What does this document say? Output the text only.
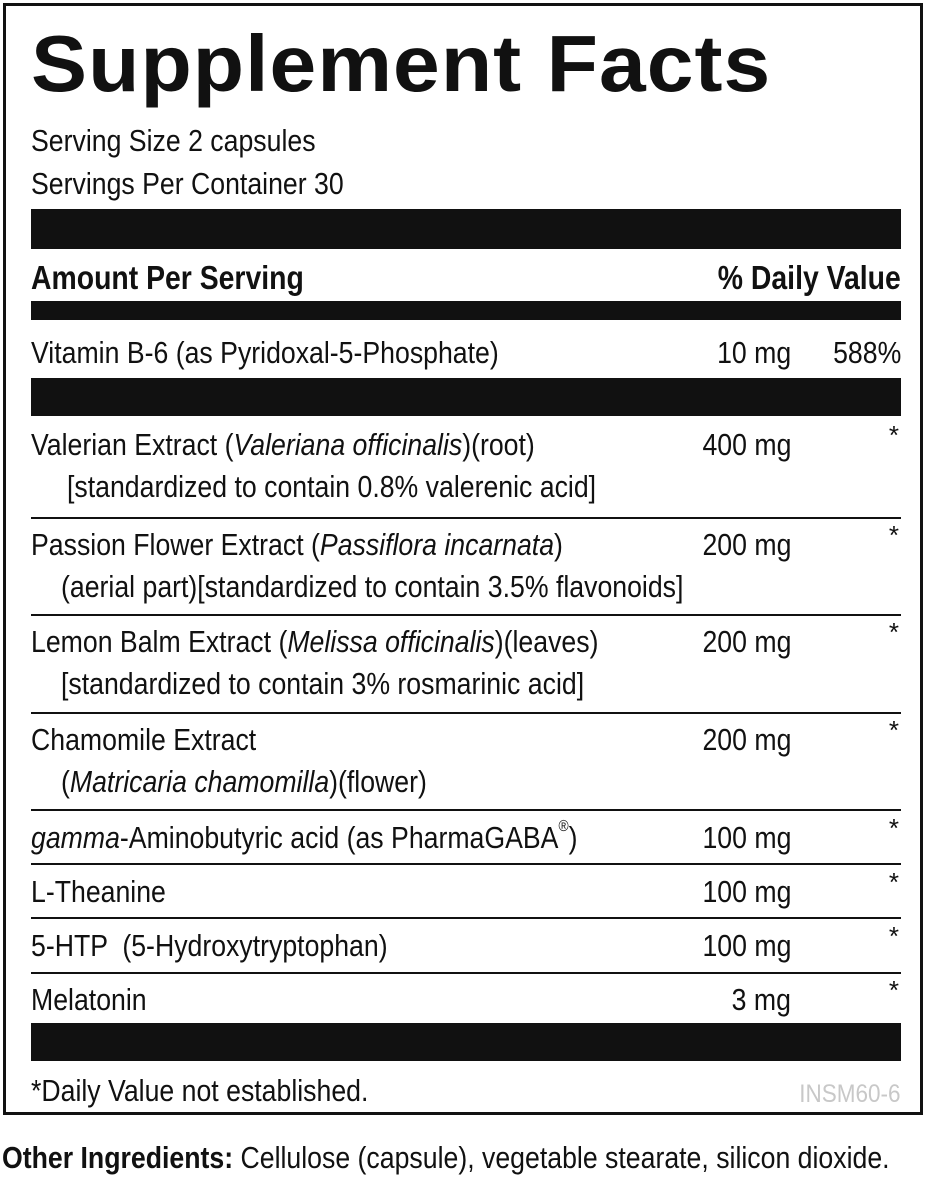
Supplement Facts
Serving Size 2 capsules
Servings Per Container 30
Amount Per Serving	% Daily Value
Vitamin B-6 (as Pyridoxal-5-Phosphate)	10 mg 588%
Valerian Extract (Valeriana officinalis)(root)
[standardized to contain 0.8% valerenic acid]
400 mg	*
Passion Flower Extract (Passiflora incarnata)
(aerial part)[standardized to contain 3.5% flavonoids]
200 mg	*
Lemon Balm Extract (Melissa officinalis)(leaves)
[standardized to contain 3% rosmarinic acid]
200 mg	*
Chamomile Extract
(Matricaria chamomilla)(flower)
200 mg	*
gamma-Aminobutyric acid (as PharmaGABA®)	100 mg	*
L-Theanine	100 mg	*
5-HTP  (5-Hydroxytryptophan)	100 mg	*
Melatonin	3 mg	*
*Daily Value not established.	INSM60-6
Other Ingredients: Cellulose (capsule), vegetable stearate, silicon dioxide.
